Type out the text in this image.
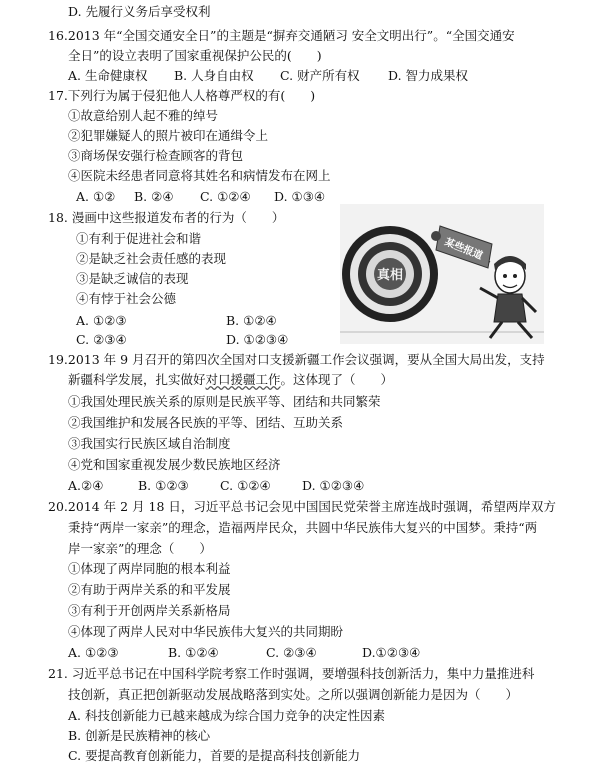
D. 先履行义务后享受权利
16.2013 年“全国交通安全日”的主题是“摒弃交通陋习 安全文明出行”。“全国交通安
全日”的设立表明了国家重视保护公民的(　　)
A. 生命健康权 B. 人身自由权 C. 财产所有权 D. 智力成果权
17.下列行为属于侵犯他人人格尊严权的有(　　)
①故意给别人起不雅的绰号
②犯罪嫌疑人的照片被印在通缉令上
③商场保安强行检查顾客的背包
④医院未经患者同意将其姓名和病情发布在网上
A. ①② B. ②④ C. ①②④ D. ①③④
18. 漫画中这些报道发布者的行为（　　）
①有利于促进社会和谐
②是缺乏社会责任感的表现
③是缺乏诚信的表现
④有悖于社会公德
A. ①②③	B. ①②④
C. ②③④	D. ①②③④
真相
某些报道
19.2013 年 9 月召开的第四次全国对口支援新疆工作会议强调，要从全国大局出发，支持
新疆科学发展，扎实做好对口援疆工作。这体现了（　　）
①我国处理民族关系的原则是民族平等、团结和共同繁荣
②我国维护和发展各民族的平等、团结、互助关系
③我国实行民族区域自治制度
④党和国家重视发展少数民族地区经济
A.②④	B. ①②③ C. ①②④	D. ①②③④
20.2014 年 2 月 18 日，习近平总书记会见中国国民党荣誉主席连战时强调，希望两岸双方
秉持“两岸一家亲”的理念，造福两岸民众，共圆中华民族伟大复兴的中国梦。秉持“两
岸一家亲”的理念（　　）
①体现了两岸同胞的根本利益
②有助于两岸关系的和平发展
③有利于开创两岸关系新格局
④体现了两岸人民对中华民族伟大复兴的共同期盼
A. ①②③	B. ①②④	C. ②③④	D.①②③④
21. 习近平总书记在中国科学院考察工作时强调，要增强科技创新活力，集中力量推进科
技创新，真正把创新驱动发展战略落到实处。之所以强调创新能力是因为（　　）
A. 科技创新能力已越来越成为综合国力竞争的决定性因素
B. 创新是民族精神的核心
C. 要提高教育创新能力，首要的是提高科技创新能力
